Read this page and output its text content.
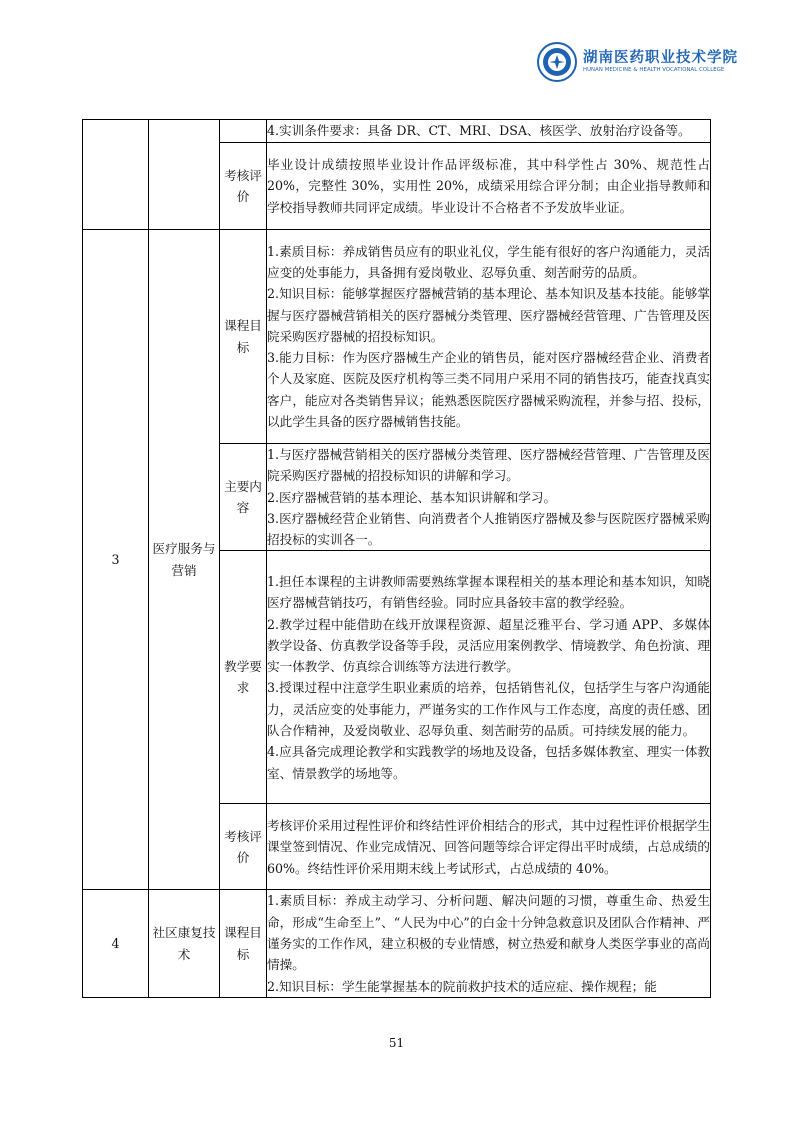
湖南医药职业技术学院
HUNAN MEDICINE & HEALTH VOCATIONAL COLLEGE

			4.实训条件要求：具备 DR、CT、MRI、DSA、核医学、放射治疗设备等。

		考核评价	毕业设计成绩按照毕业设计作品评级标准，其中科学性占 30%、规范性占 20%，完整性 30%，实用性 20%，成绩采用综合评分制；由企业指导教师和学校指导教师共同评定成绩。毕业设计不合格者不予发放毕业证。

3	医疗服务与营销	课程目标	1.素质目标：养成销售员应有的职业礼仪，学生能有很好的客户沟通能力，灵活应变的处事能力，具备拥有爱岗敬业、忍辱负重、刻苦耐劳的品质。
2.知识目标：能够掌握医疗器械营销的基本理论、基本知识及基本技能。能够掌握与医疗器械营销相关的医疗器械分类管理、医疗器械经营管理、广告管理及医院采购医疗器械的招投标知识。
3.能力目标：作为医疗器械生产企业的销售员，能对医疗器械经营企业、消费者个人及家庭、医院及医疗机构等三类不同用户采用不同的销售技巧，能查找真实客户，能应对各类销售异议；能熟悉医院医疗器械采购流程，并参与招、投标，以此学生具备的医疗器械销售技能。

		主要内容	1.与医疗器械营销相关的医疗器械分类管理、医疗器械经营管理、广告管理及医院采购医疗器械的招投标知识的讲解和学习。
2.医疗器械营销的基本理论、基本知识讲解和学习。
3.医疗器械经营企业销售、向消费者个人推销医疗器械及参与医院医疗器械采购招投标的实训各一。

		教学要求	1.担任本课程的主讲教师需要熟练掌握本课程相关的基本理论和基本知识，知晓医疗器械营销技巧，有销售经验。同时应具备较丰富的教学经验。
2.教学过程中能借助在线开放课程资源、超星泛雅平台、学习通 APP、多媒体教学设备、仿真教学设备等手段，灵活应用案例教学、情境教学、角色扮演、理实一体教学、仿真综合训练等方法进行教学。
3.授课过程中注意学生职业素质的培养，包括销售礼仪，包括学生与客户沟通能力，灵活应变的处事能力，严谨务实的工作作风与工作态度，高度的责任感、团队合作精神，及爱岗敬业、忍辱负重、刻苦耐劳的品质。可持续发展的能力。
4.应具备完成理论教学和实践教学的场地及设备，包括多媒体教室、理实一体教室、情景教学的场地等。

		考核评价	考核评价采用过程性评价和终结性评价相结合的形式，其中过程性评价根据学生课堂签到情况、作业完成情况、回答问题等综合评定得出平时成绩，占总成绩的 60%。终结性评价采用期末线上考试形式，占总成绩的 40%。

4	社区康复技术	课程目标	1.素质目标：养成主动学习、分析问题、解决问题的习惯，尊重生命、热爱生命，形成“生命至上”、“人民为中心”的白金十分钟急救意识及团队合作精神、严谨务实的工作作风，建立积极的专业情感，树立热爱和献身人类医学事业的高尚情操。
2.知识目标：学生能掌握基本的院前救护技术的适应症、操作规程；能
51
